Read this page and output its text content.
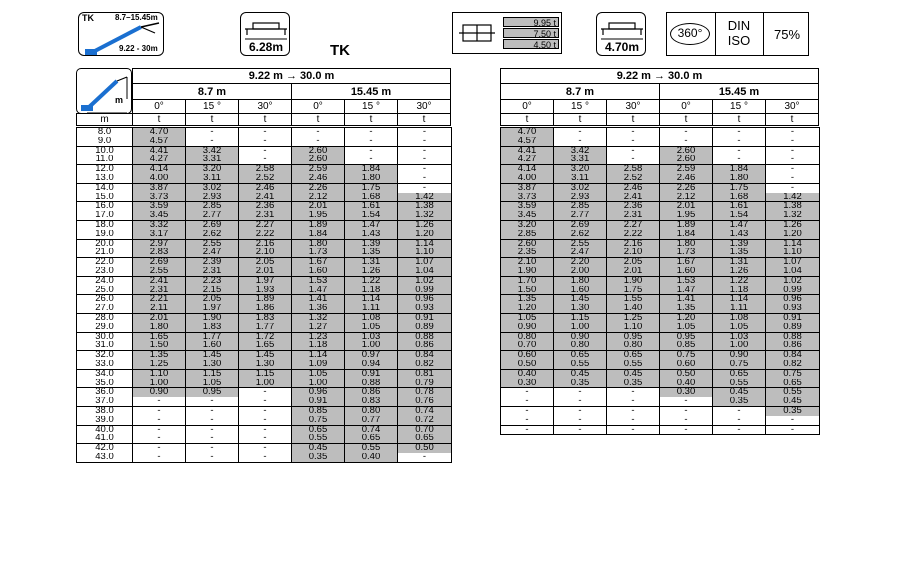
TK	8.7–15.45m
9.22 - 30m	6.28m	TK
9.95 t
7.50 t
4.50 t	4.70m
360°	DIN
ISO	75%
m
9.22 m → 30.0 m
8.7 m	15.45 m
0°	15 °	30°	0°	15 °	30°
m	t	t	t	t	t	t
9.22 m → 30.0 m
8.7 m	15.45 m
0°	15 °	30°	0°	15 °	30°
t	t	t	t	t	t
8.0	4.70	-	-	-	-	-
9.0	4.57	-	-	-	-	-
10.0	4.41	3.42	-	2.60	-	-
11.0	4.27	3.31	-	2.60	-	-
12.0	4.14	3.20	2.58	2.59	1.84	-
13.0	4.00	3.11	2.52	2.46	1.80	-
14.0	3.87	3.02	2.46	2.26	1.75	-
15.0	3.73	2.93	2.41	2.12	1.68	1.42
16.0	3.59	2.85	2.36	2.01	1.61	1.38
17.0	3.45	2.77	2.31	1.95	1.54	1.32
18.0	3.32	2.69	2.27	1.89	1.47	1.26
19.0	3.17	2.62	2.22	1.84	1.43	1.20
20.0	2.97	2.55	2.16	1.80	1.39	1.14
21.0	2.83	2.47	2.10	1.73	1.35	1.10
22.0	2.69	2.39	2.05	1.67	1.31	1.07
23.0	2.55	2.31	2.01	1.60	1.26	1.04
24.0	2.41	2.23	1.97	1.53	1.22	1.02
25.0	2.31	2.15	1.93	1.47	1.18	0.99
26.0	2.21	2.05	1.89	1.41	1.14	0.96
27.0	2.11	1.97	1.86	1.36	1.11	0.93
28.0	2.01	1.90	1.83	1.32	1.08	0.91
29.0	1.80	1.83	1.77	1.27	1.05	0.89
30.0	1.65	1.77	1.72	1.23	1.03	0.88
31.0	1.50	1.60	1.65	1.18	1.00	0.86
32.0	1.35	1.45	1.45	1.14	0.97	0.84
33.0	1.25	1.30	1.30	1.09	0.94	0.82
34.0	1.10	1.15	1.15	1.05	0.91	0.81
35.0	1.00	1.05	1.00	1.00	0.88	0.79
36.0	0.90	0.95	-	0.96	0.86	0.78
37.0	-	-	-	0.91	0.83	0.76
38.0	-	-	-	0.85	0.80	0.74
39.0	-	-	-	0.75	0.77	0.72
40.0	-	-	-	0.65	0.74	0.70
41.0	-	-	-	0.55	0.65	0.65
42.0	-	-	-	0.45	0.55	0.50
43.0	-	-	-	0.35	0.40	-
4.70	-	-	-	-	-
4.57	-	-	-	-	-
4.41	3.42	-	2.60	-	-
4.27	3.31	-	2.60	-	-
4.14	3.20	2.58	2.59	1.84	-
4.00	3.11	2.52	2.46	1.80	-
3.87	3.02	2.46	2.26	1.75	-
3.73	2.93	2.41	2.12	1.68	1.42
3.59	2.85	2.36	2.01	1.61	1.38
3.45	2.77	2.31	1.95	1.54	1.32
3.20	2.69	2.27	1.89	1.47	1.26
2.85	2.62	2.22	1.84	1.43	1.20
2.60	2.55	2.16	1.80	1.39	1.14
2.35	2.47	2.10	1.73	1.35	1.10
2.10	2.20	2.05	1.67	1.31	1.07
1.90	2.00	2.01	1.60	1.26	1.04
1.70	1.80	1.90	1.53	1.22	1.02
1.50	1.60	1.75	1.47	1.18	0.99
1.35	1.45	1.55	1.41	1.14	0.96
1.20	1.30	1.40	1.35	1.11	0.93
1.05	1.15	1.25	1.20	1.08	0.91
0.90	1.00	1.10	1.05	1.05	0.89
0.80	0.90	0.95	0.95	1.03	0.88
0.70	0.80	0.80	0.85	1.00	0.86
0.60	0.65	0.65	0.75	0.90	0.84
0.50	0.55	0.55	0.60	0.75	0.82
0.40	0.45	0.45	0.50	0.65	0.75
0.30	0.35	0.35	0.40	0.55	0.65
-	-	-	0.30	0.45	0.55
-	-	-	-	0.35	0.45
-	-	-	-	-	0.35
-	-	-	-	-	-
-	-	-	-	-	-
